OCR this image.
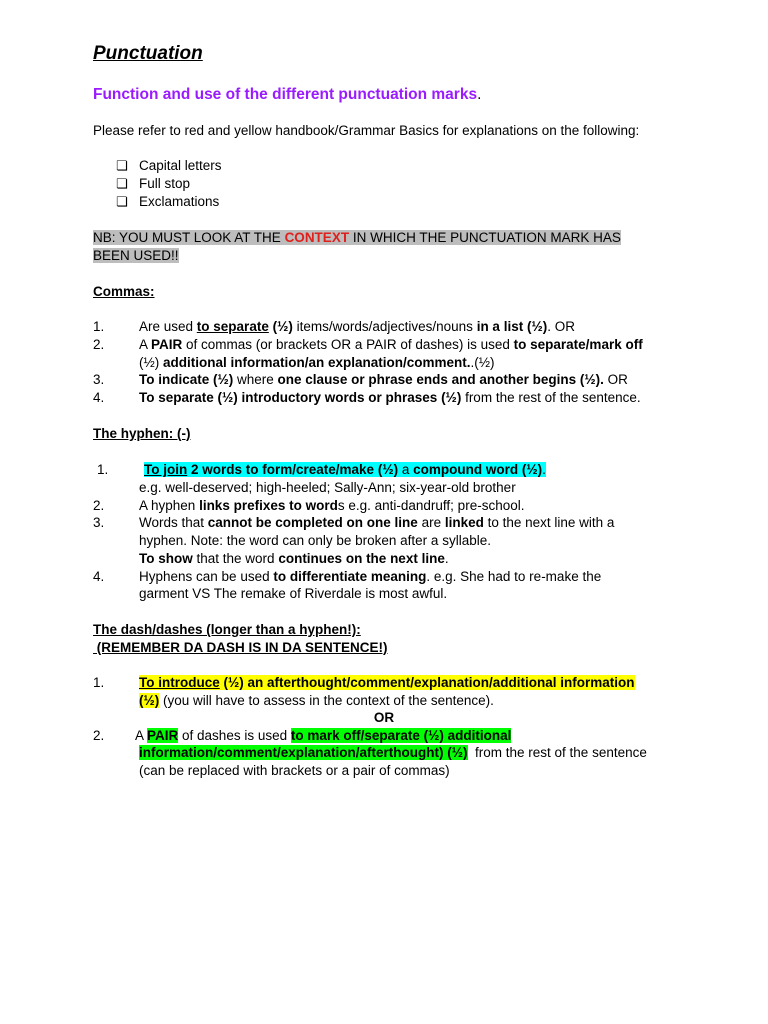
Punctuation
Function and use of the different punctuation marks.
Please refer to red and yellow handbook/Grammar Basics for explanations on the following:
❏ Capital letters
❏ Full stop
❏ Exclamations
NB: YOU MUST LOOK AT THE CONTEXT IN WHICH THE PUNCTUATION MARK HAS
BEEN USED!!
Commas:
1.	Are used to separate (½) items/words/adjectives/nouns in a list (½). OR
2.	A PAIR of commas (or brackets OR a PAIR of dashes) is used to separate/mark off
(½) additional information/an explanation/comment..(½)
3.	To indicate (½) where one clause or phrase ends and another begins (½). OR
4.	To separate (½) introductory words or phrases (½) from the rest of the sentence.
The hyphen: (-)
1.	To join 2 words to form/create/make (½) a compound word (½).
e.g. well-deserved; high-heeled; Sally-Ann; six-year-old brother
2.	A hyphen links prefixes to words e.g. anti-dandruff; pre-school.
3.	Words that cannot be completed on one line are linked to the next line with a
hyphen. Note: the word can only be broken after a syllable.
To show that the word continues on the next line.
4.	Hyphens can be used to differentiate meaning. e.g. She had to re-make the
garment VS The remake of Riverdale is most awful.
The dash/dashes (longer than a hyphen!):
(REMEMBER DA DASH IS IN DA SENTENCE!)
1.	To introduce (½) an afterthought/comment/explanation/additional information
(½) (you will have to assess in the context of the sentence).
OR
2. A PAIR of dashes is used to mark off/separate (½) additional
information/comment/explanation/afterthought) (½)  from the rest of the sentence
(can be replaced with brackets or a pair of commas)
